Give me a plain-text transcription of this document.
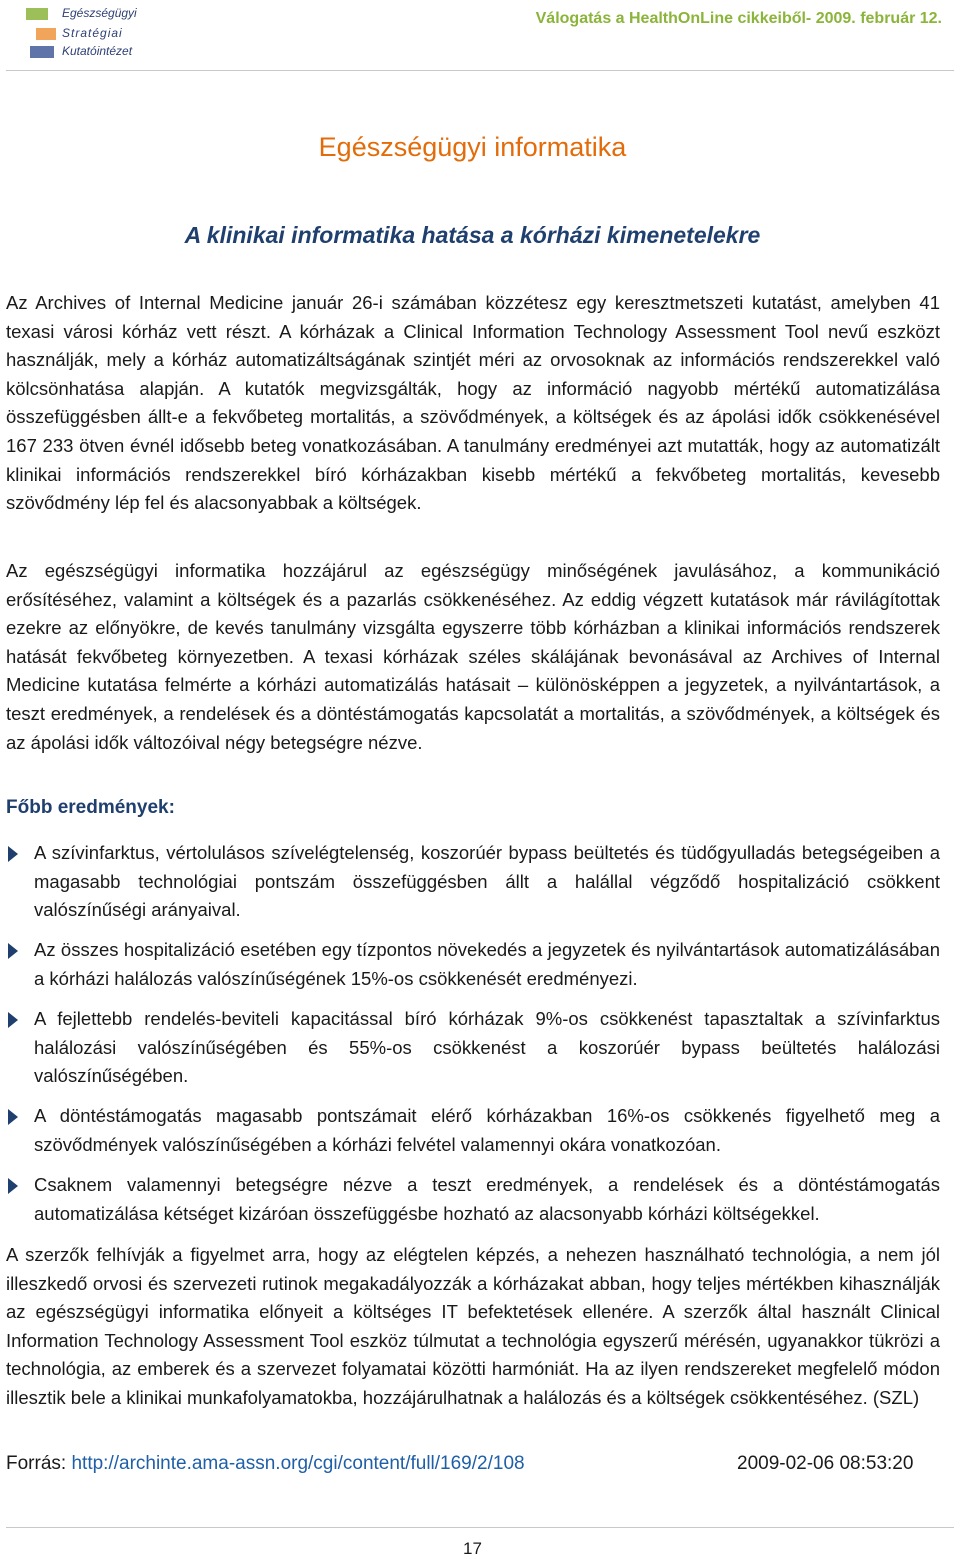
Egészségügyi
Stratégiai
Kutatóintézet
Válogatás a HealthOnLine cikkeiből- 2009. február 12.
Egészségügyi informatika
A klinikai informatika hatása a kórházi kimenetelekre
Az Archives of Internal Medicine január 26-i számában közzétesz egy keresztmetszeti kutatást, amelyben 41 texasi városi kórház vett részt. A kórházak a Clinical Information Technology Assessment Tool nevű eszközt használják, mely a kórház automatizáltságának szintjét méri az orvosoknak az információs rendszerekkel való kölcsönhatása alapján. A kutatók megvizsgálták, hogy az információ nagyobb mértékű automatizálása összefüggésben állt-e a fekvőbeteg mortalitás, a szövődmények, a költségek és az ápolási idők csökkenésével 167 233 ötven évnél idősebb beteg vonatkozásában. A tanulmány eredményei azt mutatták, hogy az automatizált klinikai információs rendszerekkel bíró kórházakban kisebb mértékű a fekvőbeteg mortalitás, kevesebb szövődmény lép fel és alacsonyabbak a költségek.
Az egészségügyi informatika hozzájárul az egészségügy minőségének javulásához, a kommunikáció erősítéséhez, valamint a költségek és a pazarlás csökkenéséhez. Az eddig végzett kutatások már rávilágítottak ezekre az előnyökre, de kevés tanulmány vizsgálta egyszerre több kórházban a klinikai információs rendszerek hatását fekvőbeteg környezetben. A texasi kórházak széles skálájának bevonásával az Archives of Internal Medicine kutatása felmérte a kórházi automatizálás hatásait – különösképpen a jegyzetek, a nyilvántartások, a teszt eredmények, a rendelések és a döntéstámogatás kapcsolatát a mortalitás, a szövődmények, a költségek és az ápolási idők változóival négy betegségre nézve.
Főbb eredmények:
A szívinfarktus, vértolulásos szívelégtelenség, koszorúér bypass beültetés és tüdőgyulladás betegségeiben a magasabb technológiai pontszám összefüggésben állt a halállal végződő hospitalizáció csökkent valószínűségi arányaival.
Az összes hospitalizáció esetében egy tízpontos növekedés a jegyzetek és nyilvántartások automatizálásában a kórházi halálozás valószínűségének 15%-os csökkenését eredményezi.
A fejlettebb rendelés-beviteli kapacitással bíró kórházak 9%-os csökkenést tapasztaltak a szívinfarktus halálozási valószínűségében és 55%-os csökkenést a koszorúér bypass beültetés halálozási valószínűségében.
A döntéstámogatás magasabb pontszámait elérő kórházakban 16%-os csökkenés figyelhető meg a szövődmények valószínűségében a kórházi felvétel valamennyi okára vonatkozóan.
Csaknem valamennyi betegségre nézve a teszt eredmények, a rendelések és a döntéstámogatás automatizálása kétséget kizáróan összefüggésbe hozható az alacsonyabb kórházi költségekkel.
A szerzők felhívják a figyelmet arra, hogy az elégtelen képzés, a nehezen használható technológia, a nem jól illeszkedő orvosi és szervezeti rutinok megakadályozzák a kórházakat abban, hogy teljes mértékben kihasználják az egészségügyi informatika előnyeit a költséges IT befektetések ellenére. A szerzők által használt Clinical Information Technology Assessment Tool eszköz túlmutat a technológia egyszerű mérésén, ugyanakkor tükrözi a technológia, az emberek és a szervezet folyamatai közötti harmóniát. Ha az ilyen rendszereket megfelelő módon illesztik bele a klinikai munkafolyamatokba, hozzájárulhatnak a halálozás és a költségek csökkentéséhez. (SZL)
Forrás: http://archinte.ama-assn.org/cgi/content/full/169/2/108	2009-02-06 08:53:20
17
